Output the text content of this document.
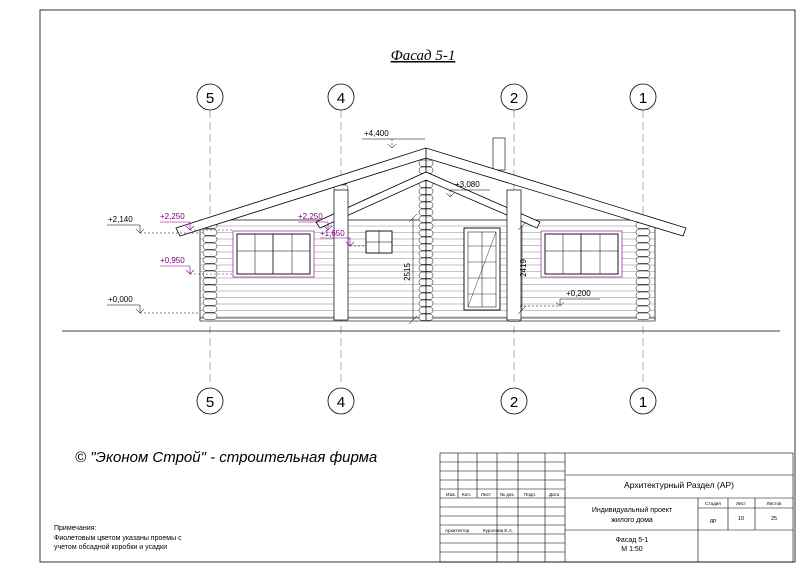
Фасад 5-1
5	4	2	1
5	4	2	1
2515	2419
+4,400
+3,080
+2,140	+2,250	+2,250
+1,650
+0,950
+0,000
+0,200
© "Эконом Строй" - строительная фирма
Примечания:
Фиолетовым цветом указаны проемы с
учетом обсадной коробки и усадки
Изм. Кол. Лист № док. Подп.	Дата
Архитектор	Куролова Е.А.
Архитектурный Раздел (АР)
Индивидуальный проект
жилого дома
Стадия	Лист	Листов
др	10	25
Фасад 5-1
М 1:50
